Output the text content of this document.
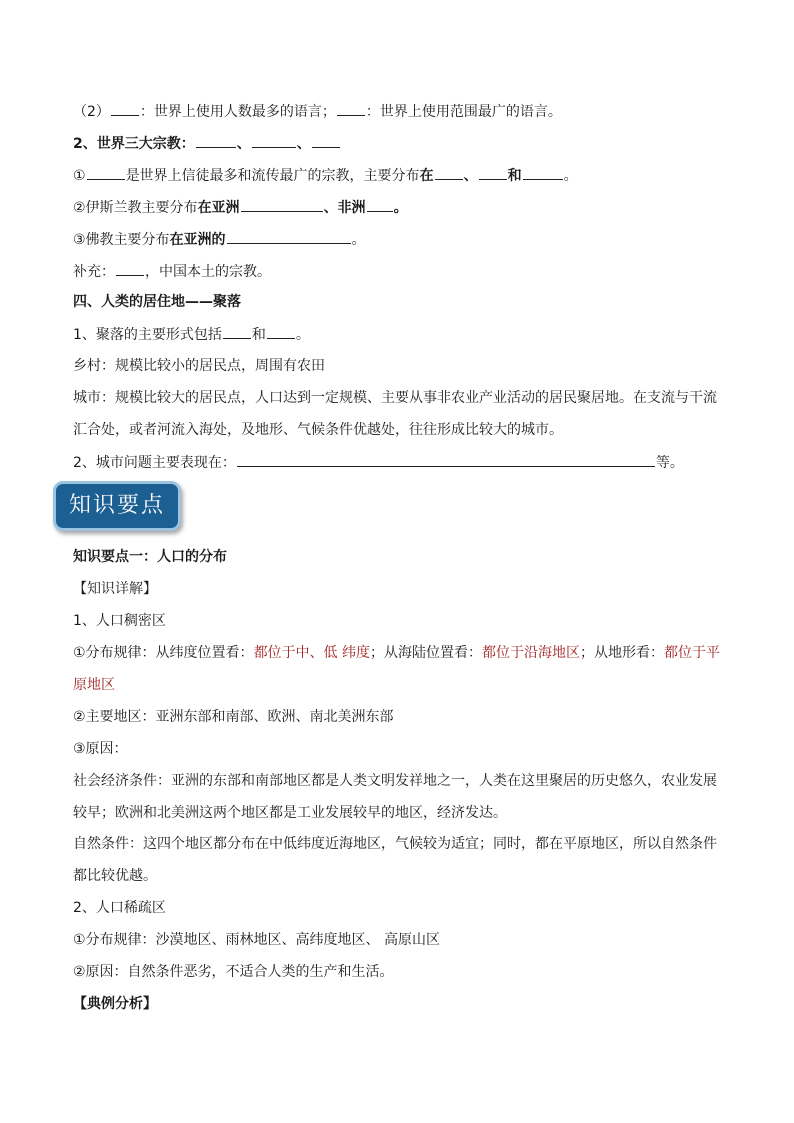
（2） ：世界上使用人数最多的语言； ：世界上使用范围最广的语言。
2、世界三大宗教：	、	、
①	是世界上信徒最多和流传最广的宗教，主要分布在 、 和	。
②伊斯兰教主要分布在亚洲	、非洲 。
③佛教主要分布在亚洲的	。
补充： ，中国本土的宗教。
四、人类的居住地——聚落
1、聚落的主要形式包括 和 。
乡村：规模比较小的居民点，周围有农田
城市：规模比较大的居民点，人口达到一定规模、主要从事非农业产业活动的居民聚居地。在支流与干流
汇合处，或者河流入海处，及地形、气候条件优越处，往往形成比较大的城市。
2、城市问题主要表现在：	等。
知识要点
知识要点一：人口的分布
【知识详解】
1、人口稠密区
①分布规律：从纬度位置看：都位于中、低 纬度；从海陆位置看：都位于沿海地区；从地形看：都位于平
原地区
②主要地区：亚洲东部和南部、欧洲、南北美洲东部
③原因：
社会经济条件：亚洲的东部和南部地区都是人类文明发祥地之一，人类在这里聚居的历史悠久，农业发展
较早；欧洲和北美洲这两个地区都是工业发展较早的地区，经济发达。
自然条件：这四个地区都分布在中低纬度近海地区，气候较为适宜；同时，都在平原地区，所以自然条件
都比较优越。
2、人口稀疏区
①分布规律：沙漠地区、雨林地区、高纬度地区、 高原山区
②原因：自然条件恶劣，不适合人类的生产和生活。
【典例分析】
